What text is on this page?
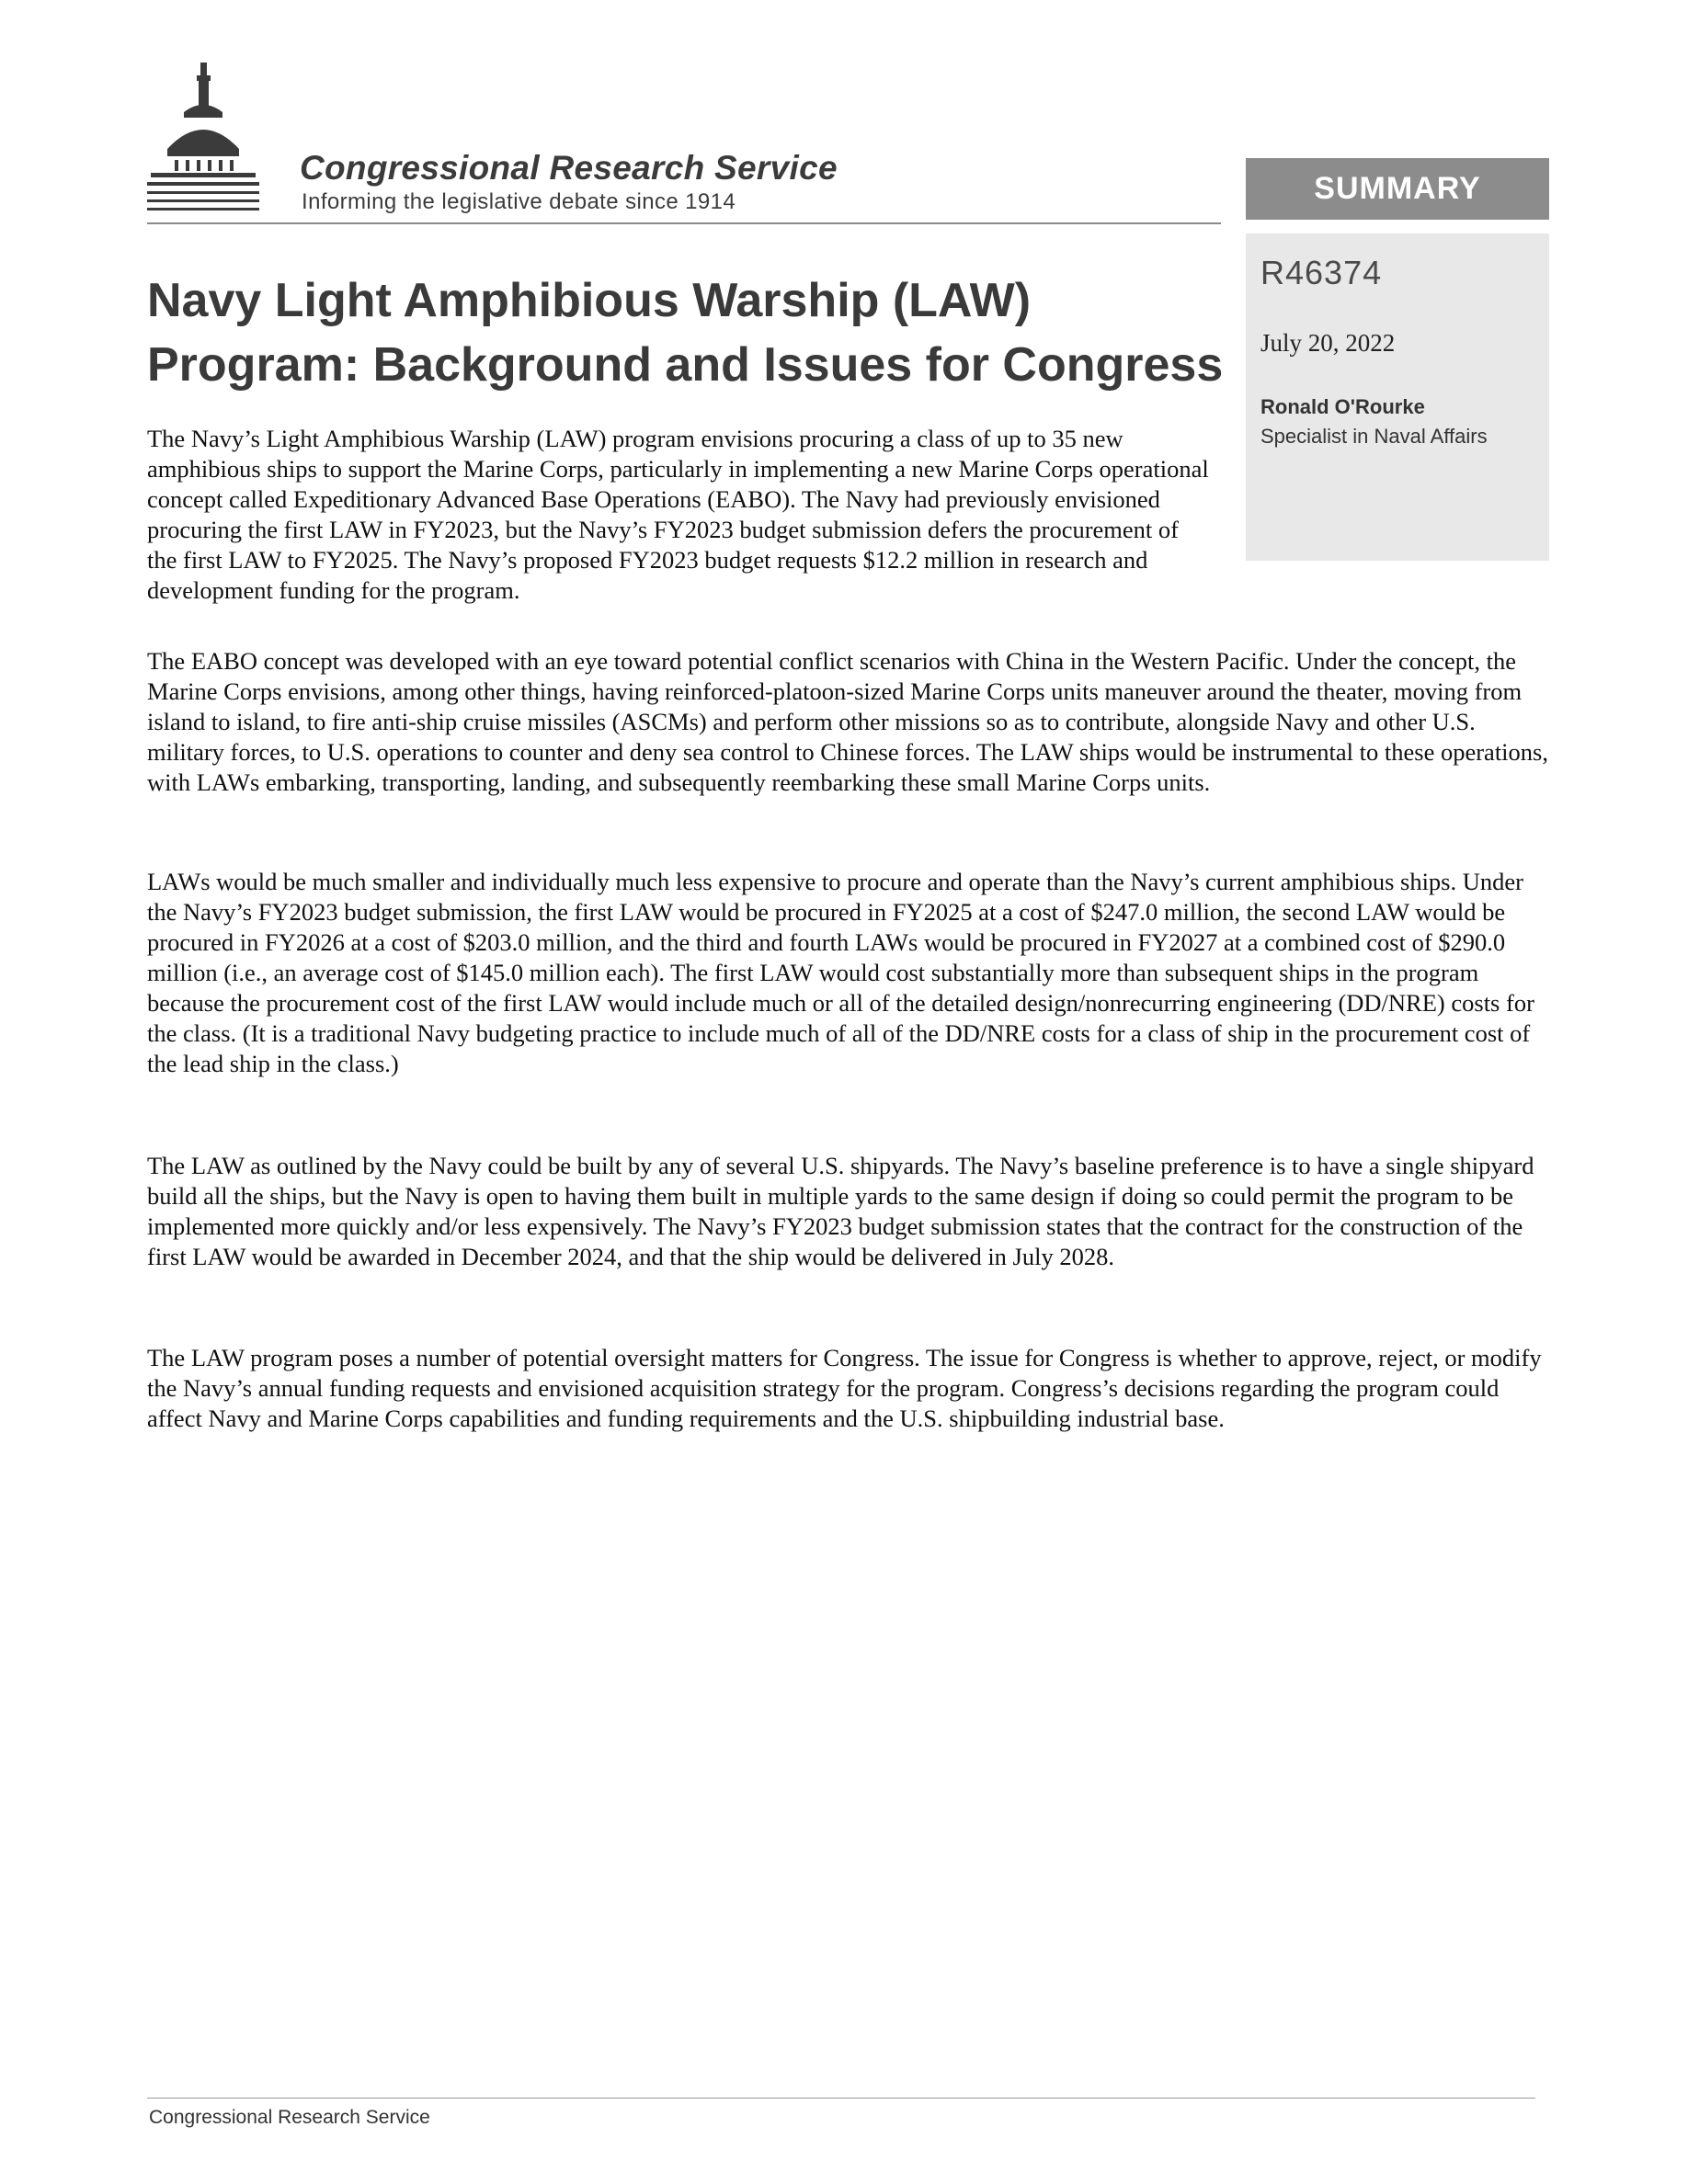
Congressional Research Service
Informing the legislative debate since 1914	SUMMARY
R46374
July 20, 2022
Ronald O'Rourke
Specialist in Naval Affairs
Navy Light Amphibious Warship (LAW)
Program: Background and Issues for Congress

The Navy’s Light Amphibious Warship (LAW) program envisions procuring a class of up to 35 new amphibious ships to support the Marine Corps, particularly in implementing a new Marine Corps operational concept called Expeditionary Advanced Base Operations (EABO). The Navy had previously envisioned procuring the first LAW in FY2023, but the Navy’s FY2023 budget submission defers the procurement of the first LAW to FY2025. The Navy’s proposed FY2023 budget requests $12.2 million in research and development funding for the program.

The EABO concept was developed with an eye toward potential conflict scenarios with China in the Western Pacific. Under the concept, the Marine Corps envisions, among other things, having reinforced-platoon-sized Marine Corps units maneuver around the theater, moving from island to island, to fire anti-ship cruise missiles (ASCMs) and perform other missions so as to contribute, alongside Navy and other U.S. military forces, to U.S. operations to counter and deny sea control to Chinese forces. The LAW ships would be instrumental to these operations, with LAWs embarking, transporting, landing, and subsequently reembarking these small Marine Corps units.

LAWs would be much smaller and individually much less expensive to procure and operate than the Navy’s current amphibious ships. Under the Navy’s FY2023 budget submission, the first LAW would be procured in FY2025 at a cost of $247.0 million, the second LAW would be procured in FY2026 at a cost of $203.0 million, and the third and fourth LAWs would be procured in FY2027 at a combined cost of $290.0 million (i.e., an average cost of $145.0 million each). The first LAW would cost substantially more than subsequent ships in the program because the procurement cost of the first LAW would include much or all of the detailed design/nonrecurring engineering (DD/NRE) costs for the class. (It is a traditional Navy budgeting practice to include much of all of the DD/NRE costs for a class of ship in the procurement cost of the lead ship in the class.)

The LAW as outlined by the Navy could be built by any of several U.S. shipyards. The Navy’s baseline preference is to have a single shipyard build all the ships, but the Navy is open to having them built in multiple yards to the same design if doing so could permit the program to be implemented more quickly and/or less expensively. The Navy’s FY2023 budget submission states that the contract for the construction of the first LAW would be awarded in December 2024, and that the ship would be delivered in July 2028.

The LAW program poses a number of potential oversight matters for Congress. The issue for Congress is whether to approve, reject, or modify the Navy’s annual funding requests and envisioned acquisition strategy for the program. Congress’s decisions regarding the program could affect Navy and Marine Corps capabilities and funding requirements and the U.S. shipbuilding industrial base.

Congressional Research Service
